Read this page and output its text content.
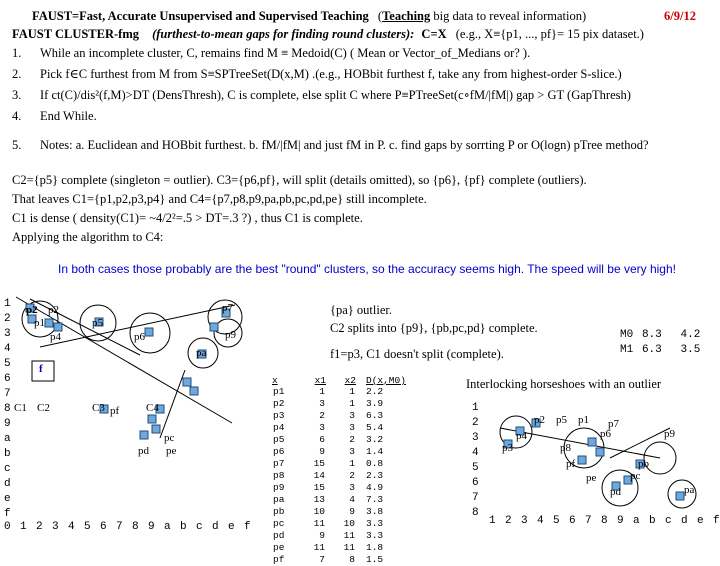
FAUST=Fast, Accurate Unsupervised and Supervised Teaching (Teaching big data to reveal information)	6/9/12
FAUST CLUSTER-fmg (furthest-to-mean gaps for finding round clusters): C=X (e.g., X≡{p1, ..., pf}= 15 pix dataset.)
1. While an incomplete cluster, C, remains find M ≡ Medoid(C) ( Mean or Vector_of_Medians or? ).
2. Pick f∈C furthest from M from S≡SPTreeSet(D(x,M) .(e.g., HOBbit furthest f, take any from highest-order S-slice.)
3. If ct(C)/dis²(f,M)>DT (DensThresh), C is complete, else split C where P≡PTreeSet(c∘fM/|fM|) gap > GT (GapThresh)
4. End While.
5. Notes: a. Euclidean and HOBbit furthest. b. fM/|fM| and just fM in P. c. find gaps by sorrting P or O(logn) pTree method?
C2={p5} complete (singleton = outlier). C3={p6,pf}, will split (details omitted), so {p6}, {pf} complete (outliers).
That leaves C1={p1,p2,p3,p4} and C4={p7,p8,p9,pa,pb,pc,pd,pe} still incomplete.
C1 is dense ( density(C1)= ~4/2²=.5 > DT=.3 ?) , thus C1 is complete.
Applying the algorithm to C4:
In both cases those probably are the best "round" clusters, so the accuracy seems high. The speed will be very high!
1
2
3
4
5
6
7
8
9
a
b
c
d
e
f
0 1 2 3 4 5 6 7 8 9 a b c d e f
p2 p2
p1
p4
p5
p6
p7
p9
pa
f
C1 C2	C3 pf C4
pc
pd pe
{pa} outlier.
C2 splits into {p9}, {pb,pc,pd} complete.
f1=p3, C1 doesn't split (complete).
M0 8.3 4.2
M1 6.3 3.5
x	x1	x2	D(x,M0)
p1	1	1	2.2
p2	3	1	3.9
p3	2	3	6.3
p4	3	3	5.4
p5	6	2	3.2
p6	9	3	1.4
p7	15	1	0.8
p8	14	2	2.3
p9	15	3	4.9
pa	13	4	7.3
pb	10	9	3.8
pc	11	10	3.3
pd	9	11	3.3
pe	11	11	1.8
pf	7	8	1.5
Interlocking horseshoes with an outlier
1
2
3
4
5
6
7
8
1 2 3 4 5 6 7 8 9 a b c d e f
p2 p5 p1
p4
p3
p6	p9
p8
p7
pf	pb
pe	pc
pd	pa
